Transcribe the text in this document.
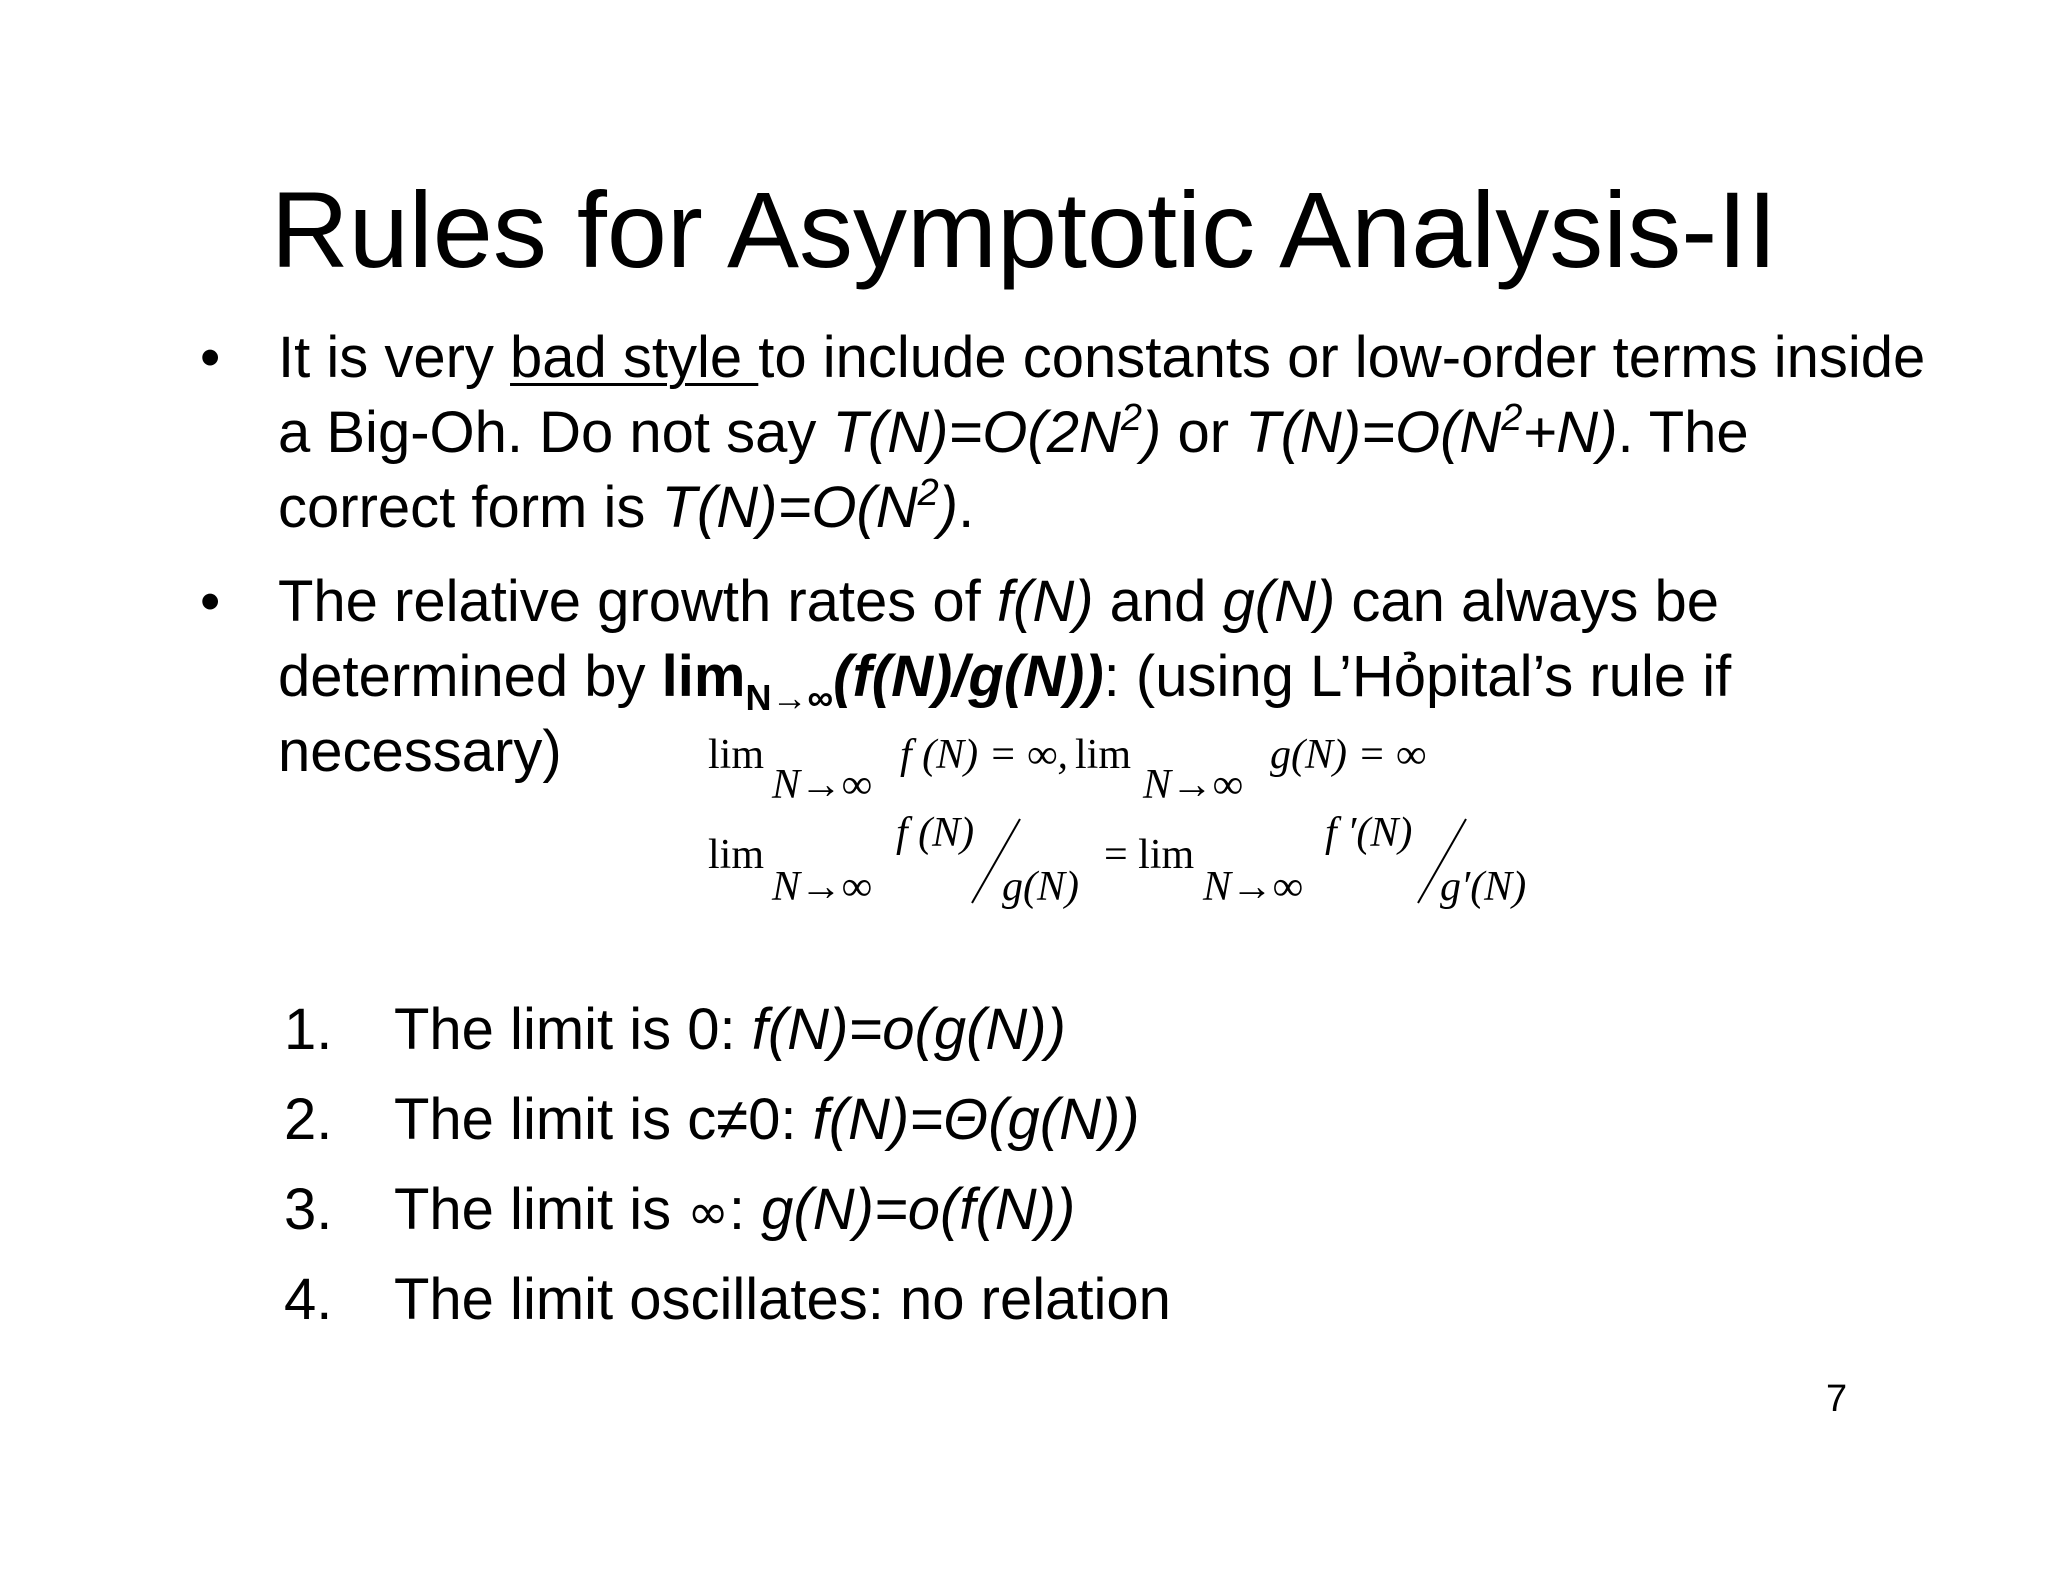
Rules for Asymptotic Analysis-II
• It is very bad style to include constants or low-order terms inside a Big-Oh. Do not say $T(N)=O(2N^2)$ or $T(N)=O(N^2+N)$. The correct form is $T(N)=O(N^2)$.
• The relative growth rates of f(N) and g(N) can always be determined by $\lim_{N\to\infty}(f(N)/g(N))$: (using L’Hỏpital’s rule if necessary)	lim
N→∞
f (N) = ∞, lim
N→∞
g(N) = ∞
lim
N→∞
f (N)
g(N)
= lim
N→∞
f ′(N)
g′(N)
1.	The limit is 0: f(N)=o(g(N))
2.	The limit is c≠0: f(N)=Θ(g(N))
3.	The limit is ∞: g(N)=o(f(N))
4.	The limit oscillates: no relation
7
